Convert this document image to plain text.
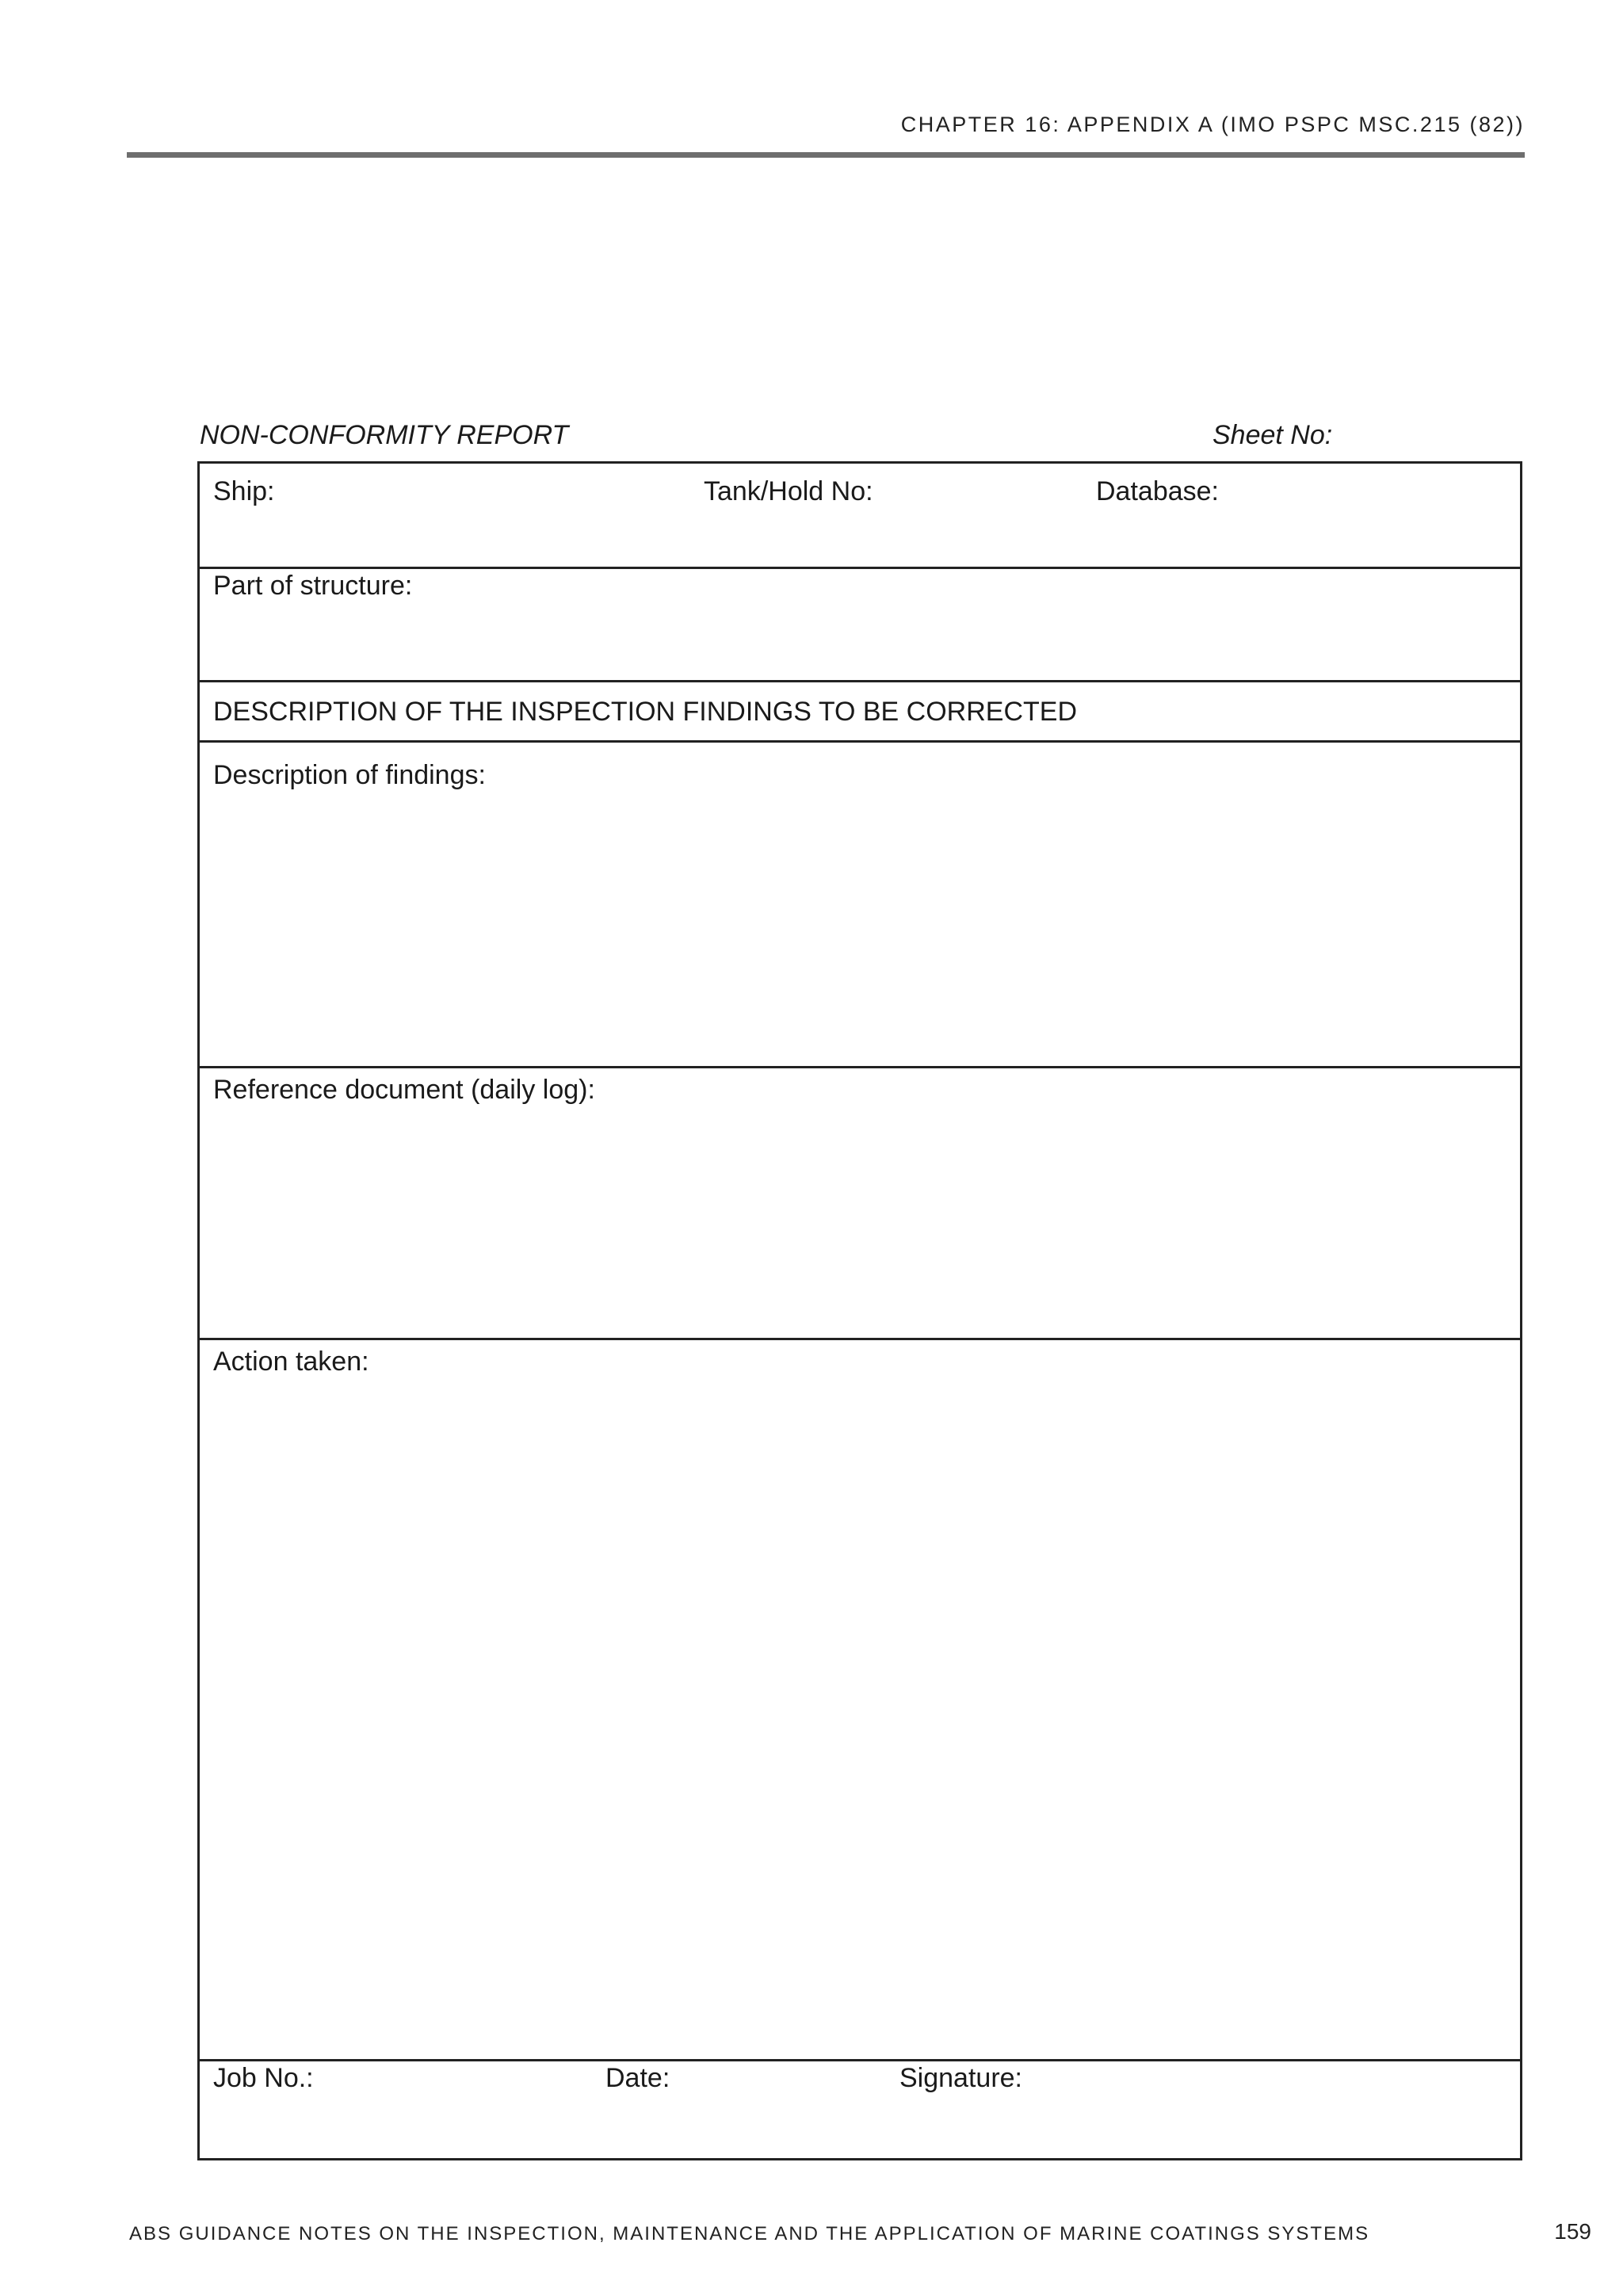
CHAPTER 16: APPENDIX A (IMO PSPC MSC.215 (82))
NON-CONFORMITY REPORT	Sheet No:
Ship:	Tank/Hold No:	Database:
Part of structure:
DESCRIPTION OF THE INSPECTION FINDINGS TO BE CORRECTED
Description of findings:
Reference document (daily log):
Action taken:
Job No.:	Date:	Signature:
ABS GUIDANCE NOTES ON THE INSPECTION, MAINTENANCE AND THE APPLICATION OF MARINE COATINGS SYSTEMS	159
